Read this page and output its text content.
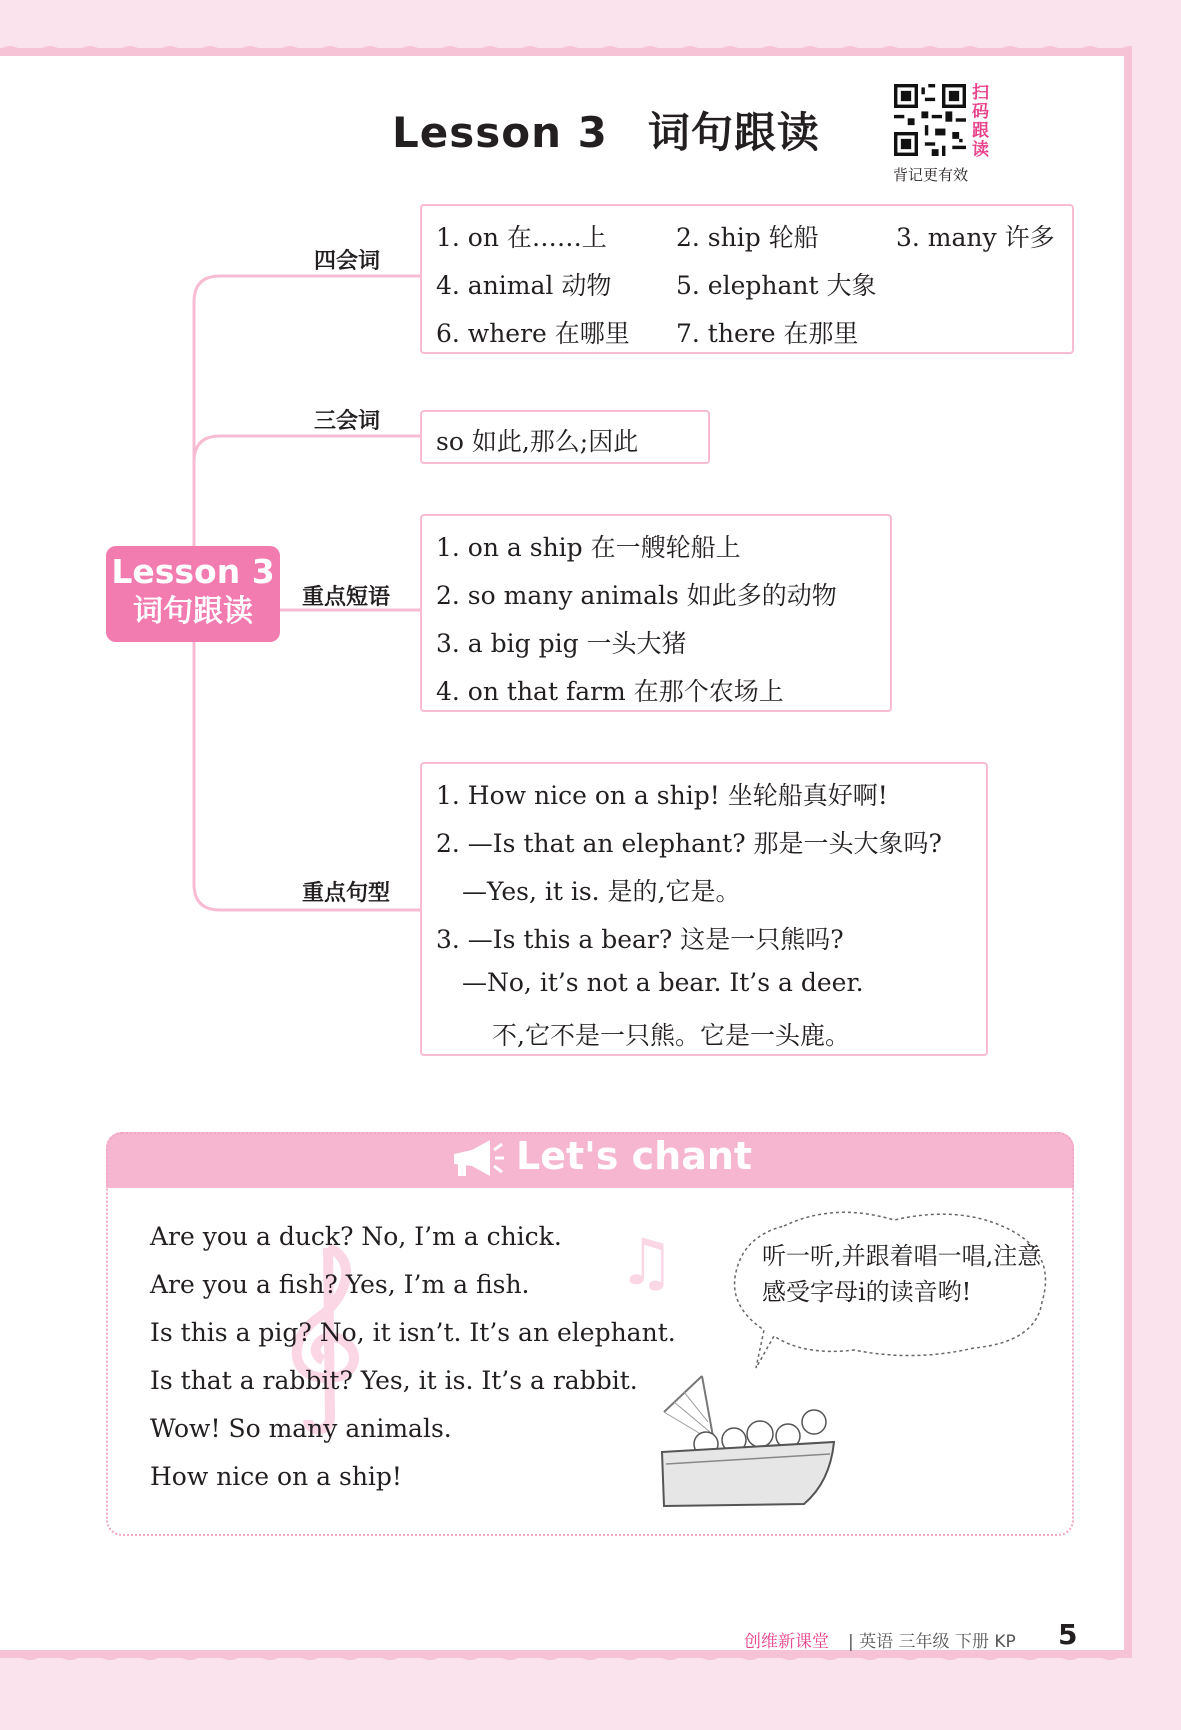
Lesson 3 词句跟读
扫码跟读
背记更有效
Lesson 3
词句跟读
四会词
1. on 在……上	2. ship 轮船	3. many 许多
4. animal 动物	5. elephant 大象
6. where 在哪里 7. there 在那里
三会词
so 如此,那么;因此
重点短语
1. on a ship 在一艘轮船上
2. so many animals 如此多的动物
3. a big pig 一头大猪
4. on that farm 在那个农场上
重点句型
1. How nice on a ship! 坐轮船真好啊!
2. —Is that an elephant? 那是一头大象吗?
—Yes, it is. 是的,它是。
3. —Is this a bear? 这是一只熊吗?
—No, it’s not a bear. It’s a deer.
不,它不是一只熊。它是一头鹿。
Let's chant
♫
Are you a duck? No, I’m a chick.
Are you a fish? Yes, I’m a fish.
Is this a pig? No, it isn’t. It’s an elephant.
Is that a rabbit? Yes, it is. It’s a rabbit.
Wow! So many animals.
How nice on a ship!
听一听,并跟着唱一唱,注意感受字母i的读音哟!
创维新课堂 | 英语 三年级 下册 KP 5
